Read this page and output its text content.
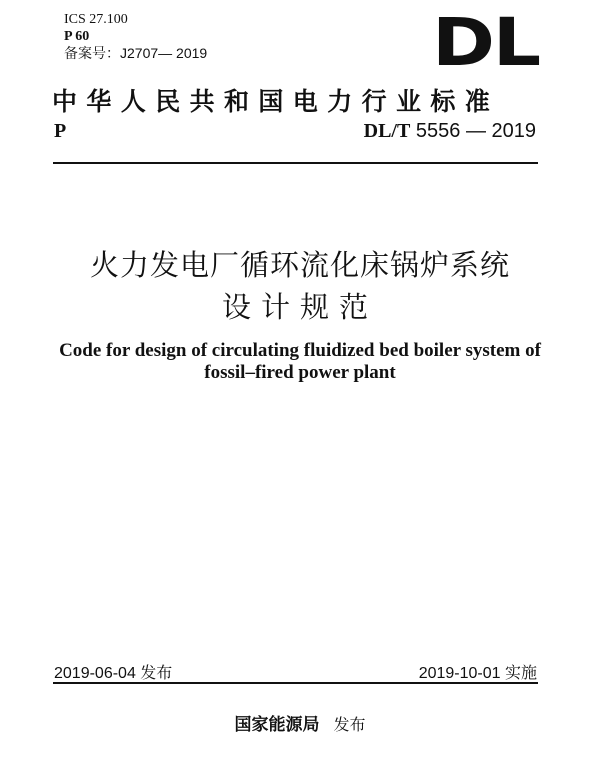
ICS 27.100
P 60
备案号：J2707— 2019	DL
中华人民共和国电力行业标准
P	DL/T 5556 — 2019
火力发电厂循环流化床锅炉系统
设计规范
Code for design of circulating fluidized bed boiler system of
fossil–fired power plant
2019-06-04 发布	2019-10-01 实施
国家能源局 发布
